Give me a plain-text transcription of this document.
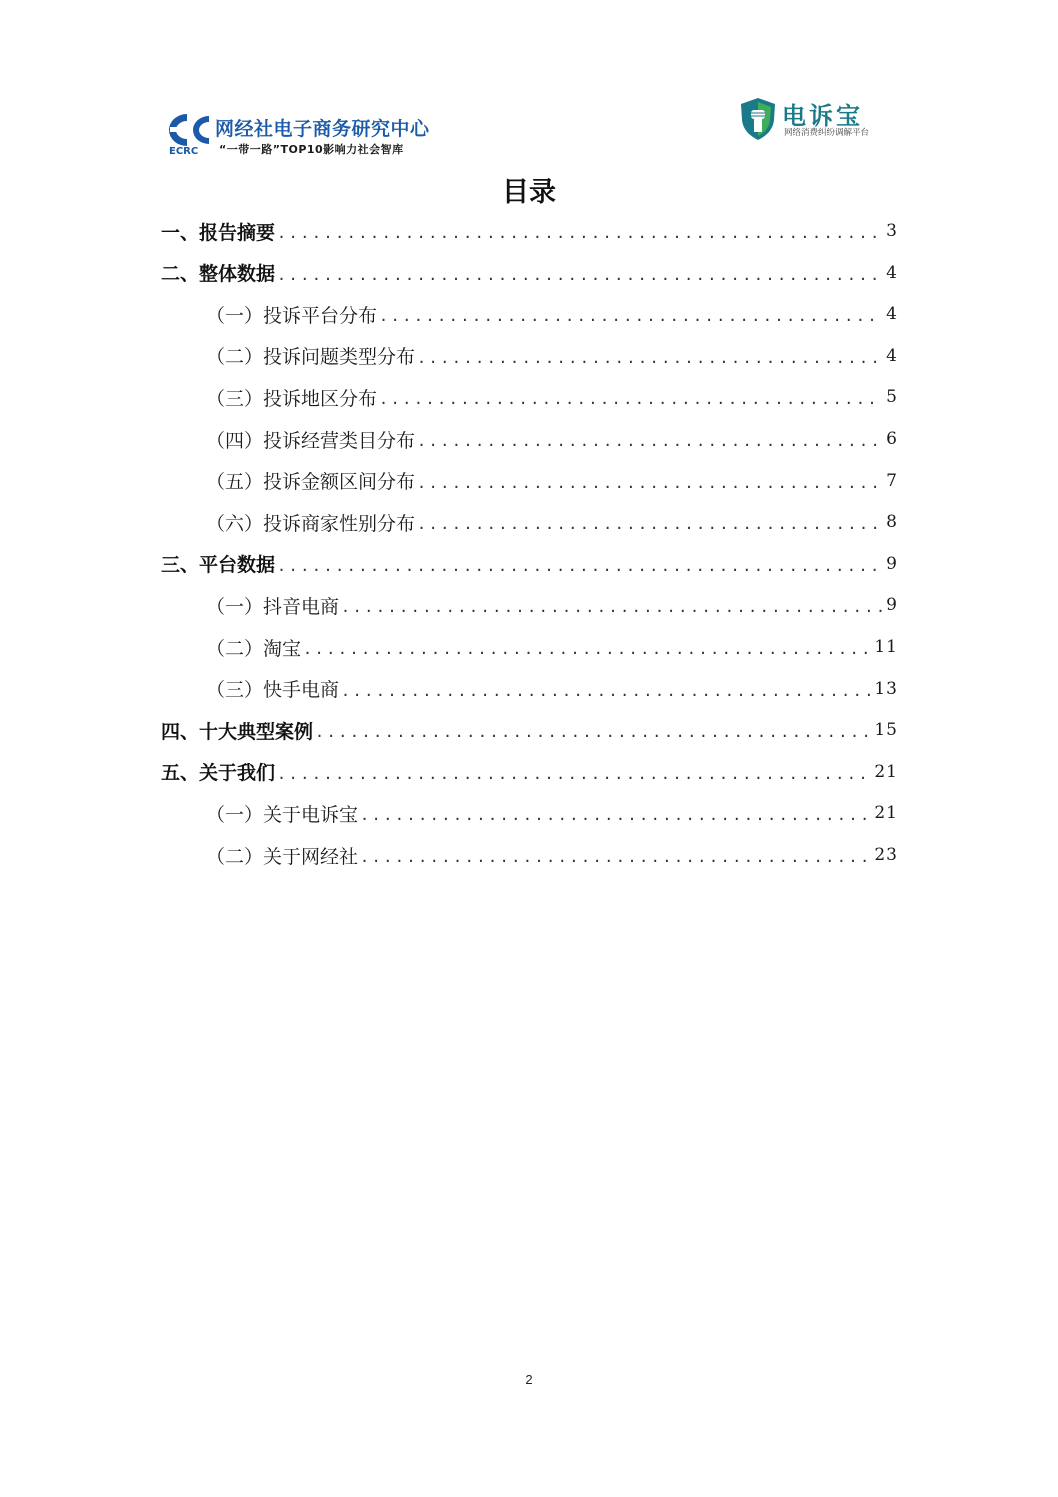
ECRC
网经社电子商务研究中心
“一带一路”TOP10影响力社会智库
电诉宝
网络消费纠纷调解平台
目录
一、报告摘要 .....	3
二、整体数据 .....	4
（一）投诉平台分布 .....	4
（二）投诉问题类型分布 .....	4
（三）投诉地区分布 .....	5
（四）投诉经营类目分布 .....	6
（五）投诉金额区间分布 .....	7
（六）投诉商家性别分布 .....	8
三、平台数据 .....	9
（一）抖音电商 .....	9
（二）淘宝 .....	11
（三）快手电商 .....	13
四、十大典型案例 .....	15
五、关于我们 .....	21
（一）关于电诉宝 .....	21
（二）关于网经社 .....	23
2
